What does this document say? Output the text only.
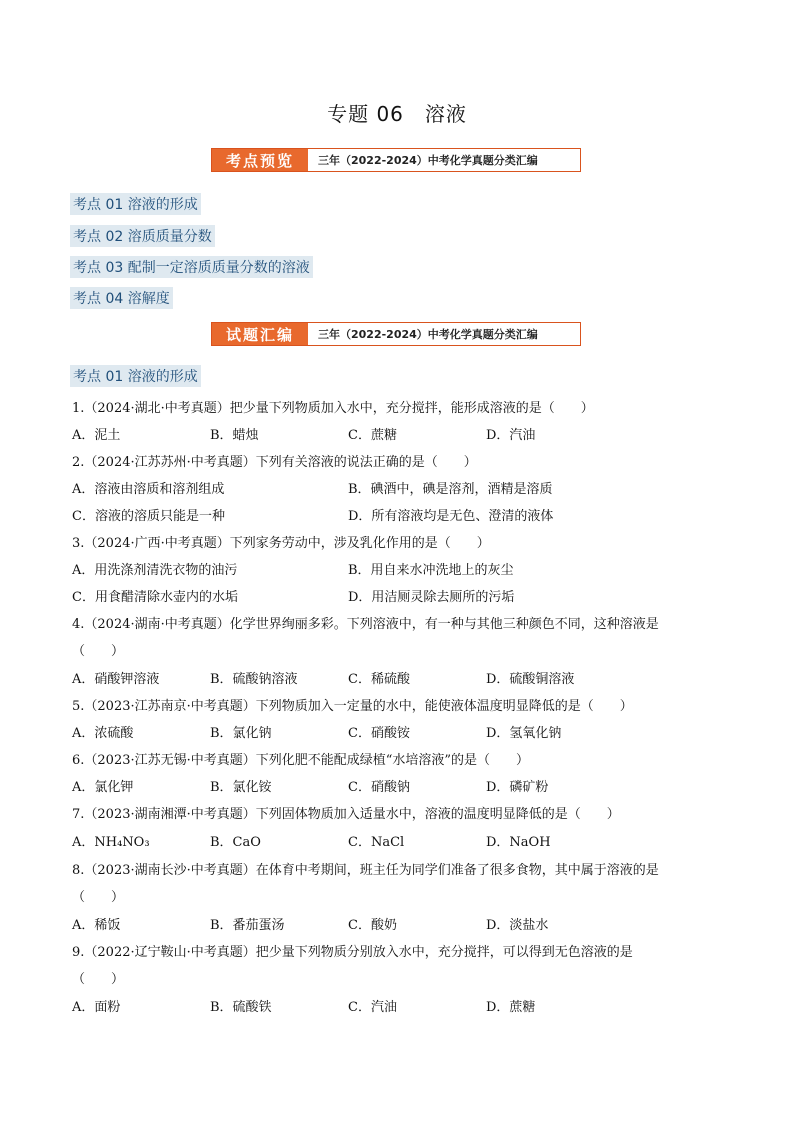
专题 06　溶液
考点预览	三年（2022-2024）中考化学真题分类汇编
考点 01 溶液的形成
考点 02 溶质质量分数
考点 03 配制一定溶质质量分数的溶液
考点 04 溶解度
试题汇编	三年（2022-2024）中考化学真题分类汇编
考点 01 溶液的形成
1.（2024·湖北·中考真题）把少量下列物质加入水中，充分搅拌，能形成溶液的是（　　）
A．泥土	B．蜡烛	C．蔗糖	D．汽油
2.（2024·江苏苏州·中考真题）下列有关溶液的说法正确的是（　　）
A．溶液由溶质和溶剂组成	B．碘酒中，碘是溶剂，酒精是溶质
C．溶液的溶质只能是一种	D．所有溶液均是无色、澄清的液体
3.（2024·广西·中考真题）下列家务劳动中，涉及乳化作用的是（　　）
A．用洗涤剂清洗衣物的油污	B．用自来水冲洗地上的灰尘
C．用食醋清除水壶内的水垢	D．用洁厕灵除去厕所的污垢
4.（2024·湖南·中考真题）化学世界绚丽多彩。下列溶液中，有一种与其他三种颜色不同，这种溶液是
（　　）
A．硝酸钾溶液	B．硫酸钠溶液	C．稀硫酸	D．硫酸铜溶液
5.（2023·江苏南京·中考真题）下列物质加入一定量的水中，能使液体温度明显降低的是（　　）
A．浓硫酸	B．氯化钠	C．硝酸铵	D．氢氧化钠
6.（2023·江苏无锡·中考真题）下列化肥不能配成绿植“水培溶液”的是（　　）
A．氯化钾	B．氯化铵	C．硝酸钠	D．磷矿粉
7.（2023·湖南湘潭·中考真题）下列固体物质加入适量水中，溶液的温度明显降低的是（　　）
A．NH₄NO₃	B．CaO	C．NaCl	D．NaOH
8.（2023·湖南长沙·中考真题）在体育中考期间，班主任为同学们准备了很多食物，其中属于溶液的是
（　　）
A．稀饭	B．番茄蛋汤	C．酸奶	D．淡盐水
9.（2022·辽宁鞍山·中考真题）把少量下列物质分别放入水中，充分搅拌，可以得到无色溶液的是
（　　）
A．面粉	B．硫酸铁	C．汽油	D．蔗糖
